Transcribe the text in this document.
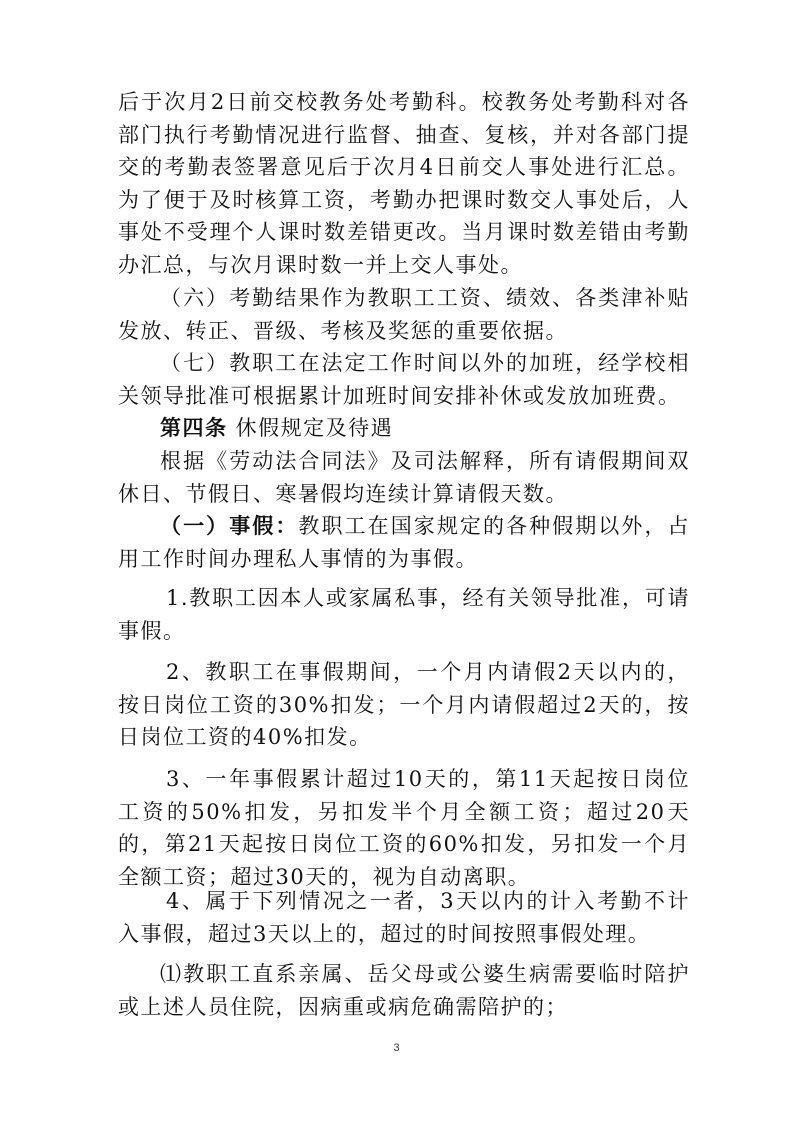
后于次月2日前交校教务处考勤科。校教务处考勤科对各部门执行考勤情况进行监督、抽查、复核，并对各部门提交的考勤表签署意见后于次月4日前交人事处进行汇总。为了便于及时核算工资，考勤办把课时数交人事处后，人事处不受理个人课时数差错更改。当月课时数差错由考勤办汇总，与次月课时数一并上交人事处。

（六）考勤结果作为教职工工资、绩效、各类津补贴发放、转正、晋级、考核及奖惩的重要依据。

（七）教职工在法定工作时间以外的加班，经学校相关领导批准可根据累计加班时间安排补休或发放加班费。

第四条 休假规定及待遇

根据《劳动法合同法》及司法解释，所有请假期间双休日、节假日、寒暑假均连续计算请假天数。

（一）事假：教职工在国家规定的各种假期以外，占用工作时间办理私人事情的为事假。

1.教职工因本人或家属私事，经有关领导批准，可请事假。

2、教职工在事假期间，一个月内请假2天以内的，按日岗位工资的30%扣发；一个月内请假超过2天的，按日岗位工资的40%扣发。

3、一年事假累计超过10天的，第11天起按日岗位工资的50%扣发，另扣发半个月全额工资；超过20天的，第21天起按日岗位工资的60%扣发，另扣发一个月全额工资；超过30天的，视为自动离职。

4、属于下列情况之一者，3天以内的计入考勤不计入事假，超过3天以上的，超过的时间按照事假处理。

⑴教职工直系亲属、岳父母或公婆生病需要临时陪护或上述人员住院，因病重或病危确需陪护的；

3
